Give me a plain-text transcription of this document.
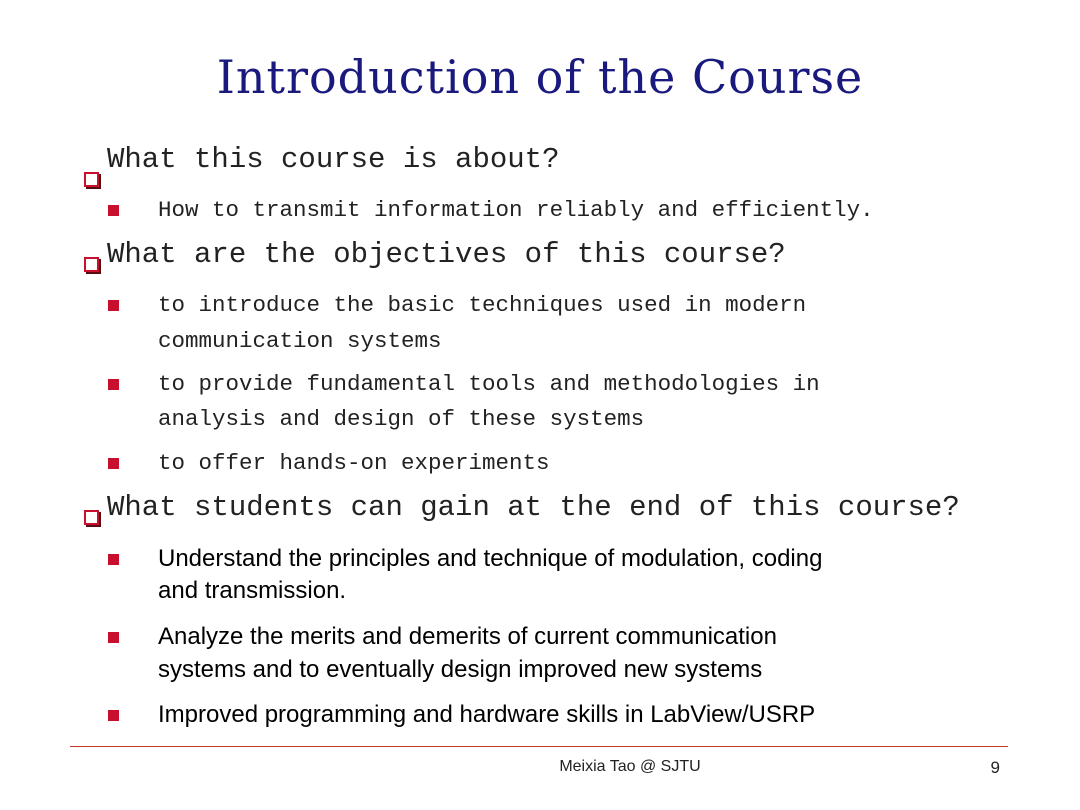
Introduction of the Course
What this course is about?
How to transmit information reliably and efficiently.
What are the objectives of this course?
to introduce the basic techniques used in modern
communication systems
to provide fundamental tools and methodologies in
analysis and design of these systems
to offer hands-on experiments
What students can gain at the end of this course?
Understand the principles and technique of modulation, coding
and transmission.
Analyze the merits and demerits of current communication
systems and to eventually design improved new systems
Improved programming and hardware skills in LabView/USRP
Meixia Tao @ SJTU	9
